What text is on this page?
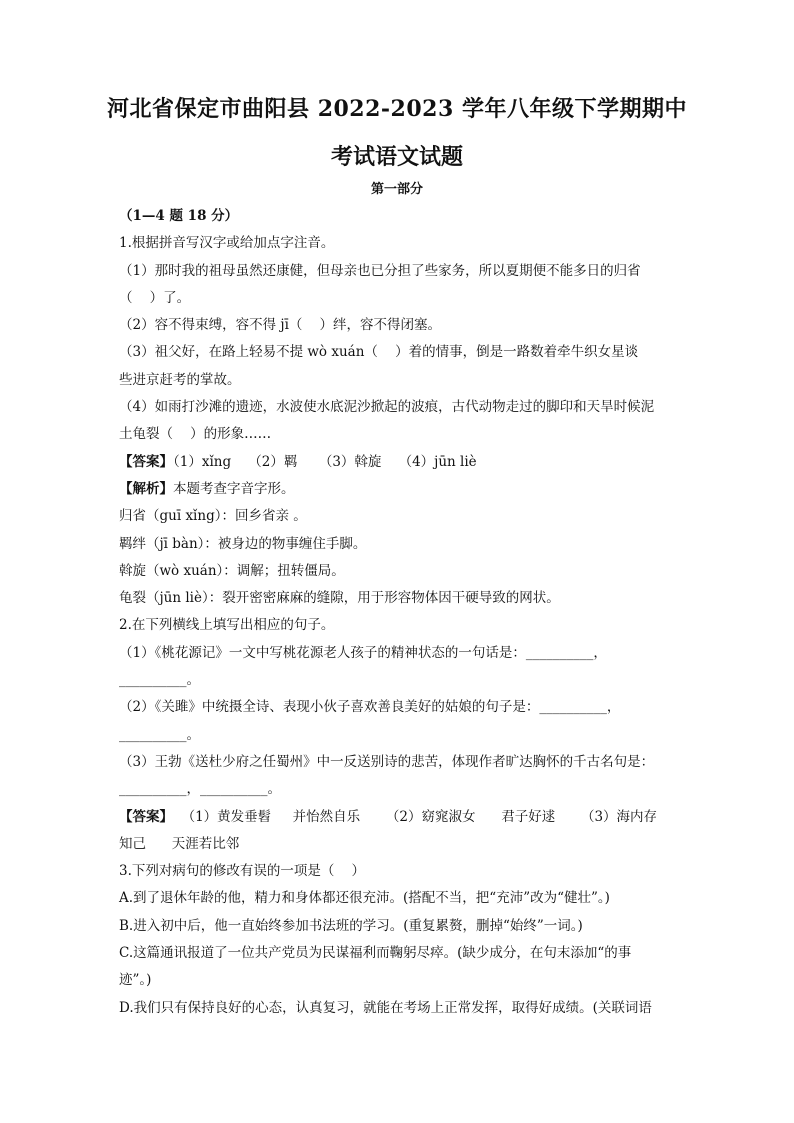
河北省保定市曲阳县 2022-2023 学年八年级下学期期中
考试语文试题
第一部分

（1—4 题 18 分）

1.根据拼音写汉字或给加点字注音。

（1）那时我的祖母虽然还康健，但母亲也已分担了些家务，所以夏期便不能多日的归省

（    ）了。

（2）容不得束缚，容不得 jī（    ）绊，容不得闭塞。

（3）祖父好，在路上轻易不提 wò xuán（    ）着的情事，倒是一路数着牵牛织女星谈

些进京赶考的掌故。

（4）如雨打沙滩的遗迹，水波使水底泥沙掀起的波痕，古代动物走过的脚印和天旱时候泥

土龟裂（    ）的形象……

【答案】（1）xǐng    （2）羁     （3）斡旋    （4）jūn liè

【解析】本题考查字音字形。

归省（guī xǐng）：回乡省亲 。

羁绊（jī bàn）：被身边的物事缠住手脚。

斡旋（wò xuán）：调解；扭转僵局。

龟裂（jūn liè）：裂开密密麻麻的缝隙，用于形容物体因干硬导致的网状。

2.在下列横线上填写出相应的句子。

（1）《桃花源记》一文中写桃花源老人孩子的精神状态的一句话是：__________，

__________。

（2）《关雎》中统摄全诗、表现小伙子喜欢善良美好的姑娘的句子是：__________，

__________。

（3）王勃《送杜少府之任蜀州》中一反送别诗的悲苦，体现作者旷达胸怀的千古名句是：

__________，__________。

【答案】  （1）黄发垂髫     并怡然自乐      （2）窈窕淑女      君子好逑      （3）海内存

知己      天涯若比邻

3.下列对病句的修改有误的一项是（    ）

A.到了退休年龄的他，精力和身体都还很充沛。(搭配不当，把“充沛”改为“健壮”。)

B.进入初中后，他一直始终参加书法班的学习。(重复累赘，删掉“始终”一词。)

C.这篇通讯报道了一位共产党员为民谋福利而鞠躬尽瘁。(缺少成分，在句末添加“的事

迹”。)

D.我们只有保持良好的心态，认真复习，就能在考场上正常发挥，取得好成绩。(关联词语
